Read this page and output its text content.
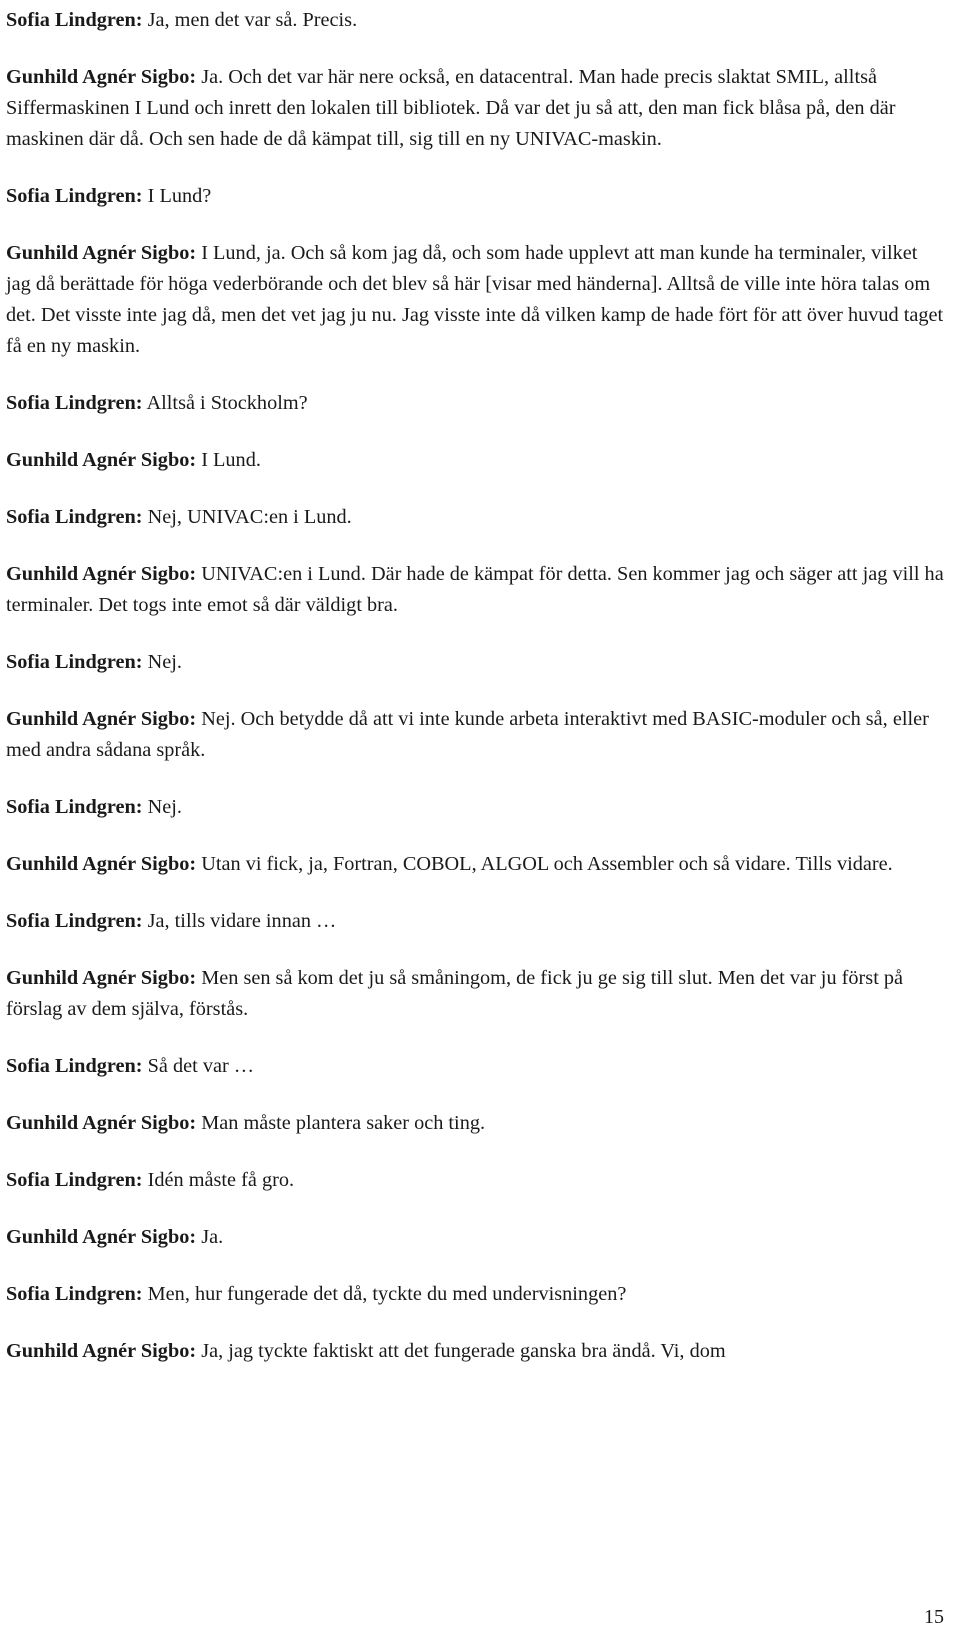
Sofia Lindgren: Ja, men det var så. Precis.

Gunhild Agnér Sigbo: Ja. Och det var här nere också, en datacentral. Man hade precis slaktat SMIL, alltså Siffermaskinen I Lund och inrett den lokalen till bibliotek. Då var det ju så att, den man fick blåsa på, den där maskinen där då. Och sen hade de då kämpat till, sig till en ny UNIVAC-maskin.

Sofia Lindgren: I Lund?

Gunhild Agnér Sigbo: I Lund, ja. Och så kom jag då, och som hade upplevt att man kunde ha terminaler, vilket jag då berättade för höga vederbörande och det blev så här [visar med händerna]. Alltså de ville inte höra talas om det. Det visste inte jag då, men det vet jag ju nu. Jag visste inte då vilken kamp de hade fört för att över huvud taget få en ny maskin.

Sofia Lindgren: Alltså i Stockholm?

Gunhild Agnér Sigbo: I Lund.

Sofia Lindgren: Nej, UNIVAC:en i Lund.

Gunhild Agnér Sigbo: UNIVAC:en i Lund. Där hade de kämpat för detta. Sen kommer jag och säger att jag vill ha terminaler. Det togs inte emot så där väldigt bra.

Sofia Lindgren: Nej.

Gunhild Agnér Sigbo: Nej. Och betydde då att vi inte kunde arbeta interaktivt med BASIC-moduler och så, eller med andra sådana språk.

Sofia Lindgren: Nej.

Gunhild Agnér Sigbo: Utan vi fick, ja, Fortran, COBOL, ALGOL och Assembler och så vidare. Tills vidare.

Sofia Lindgren: Ja, tills vidare innan …

Gunhild Agnér Sigbo: Men sen så kom det ju så småningom, de fick ju ge sig till slut. Men det var ju först på förslag av dem själva, förstås.

Sofia Lindgren: Så det var …

Gunhild Agnér Sigbo: Man måste plantera saker och ting.

Sofia Lindgren: Idén måste få gro.

Gunhild Agnér Sigbo: Ja.

Sofia Lindgren: Men, hur fungerade det då, tyckte du med undervisningen?

Gunhild Agnér Sigbo: Ja, jag tyckte faktiskt att det fungerade ganska bra ändå. Vi, dom

15
